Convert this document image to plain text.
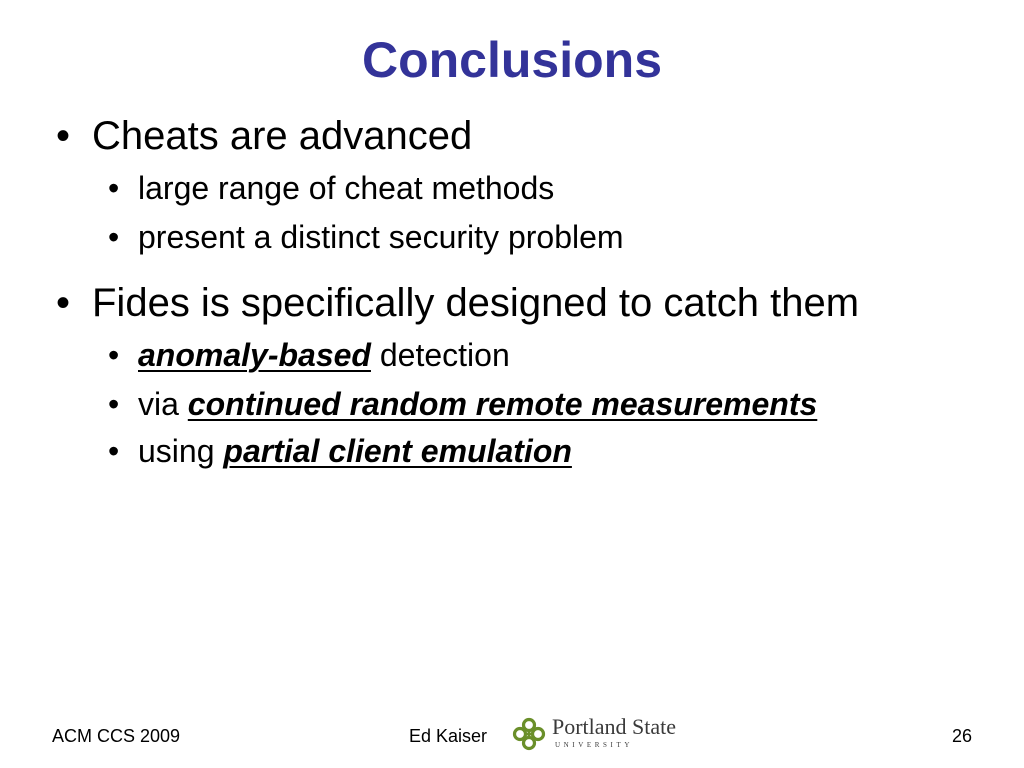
Conclusions
• Cheats are advanced
• large range of cheat methods
• present a distinct security problem
• Fides is specifically designed to catch them
• anomaly-based detection
• via continued random remote measurements
• using partial client emulation
ACM CCS 2009	Ed Kaiser	Portland State
UNIVERSITY	26
